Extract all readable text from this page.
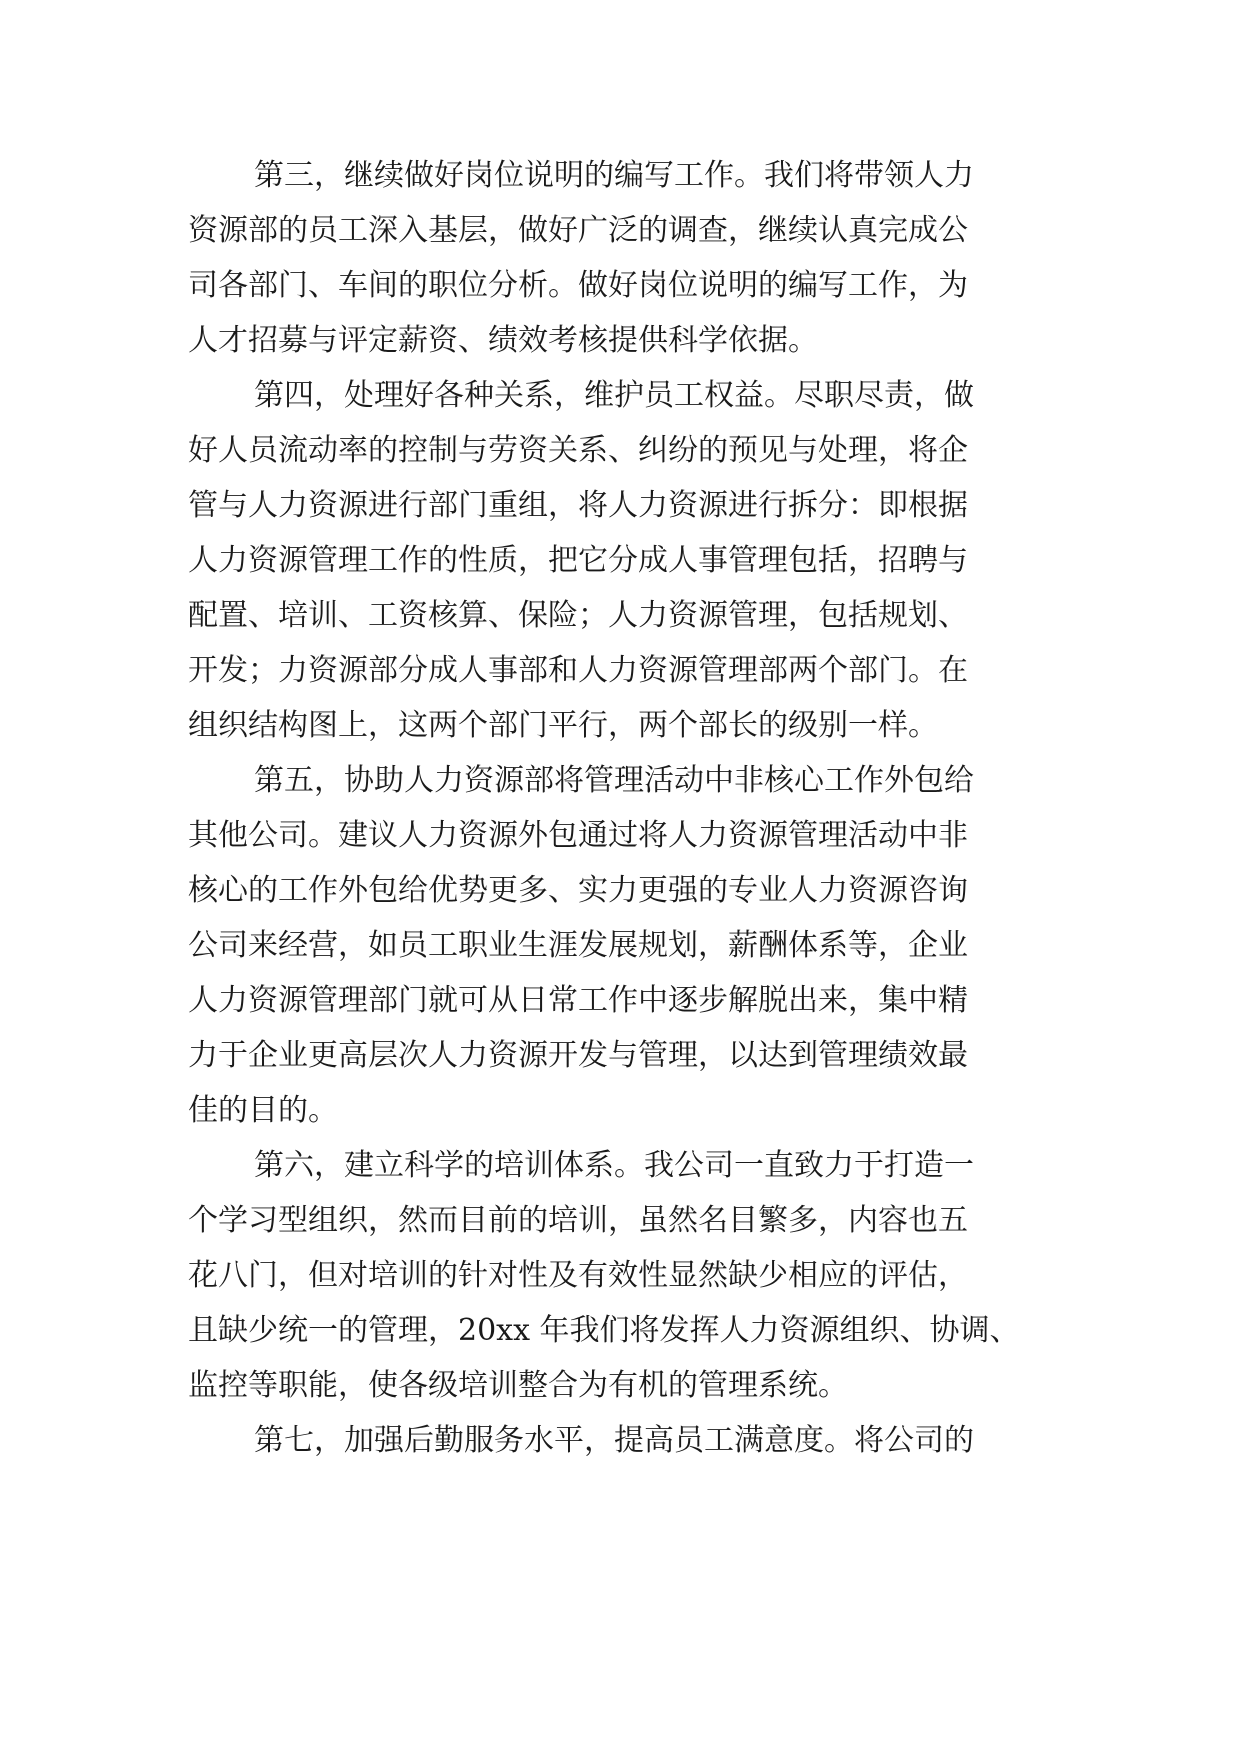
第三，继续做好岗位说明的编写工作。我们将带领人力
资源部的员工深入基层，做好广泛的调查，继续认真完成公
司各部门、车间的职位分析。做好岗位说明的编写工作，为
人才招募与评定薪资、绩效考核提供科学依据。
第四，处理好各种关系，维护员工权益。尽职尽责，做
好人员流动率的控制与劳资关系、纠纷的预见与处理，将企
管与人力资源进行部门重组，将人力资源进行拆分：即根据
人力资源管理工作的性质，把它分成人事管理包括，招聘与
配置、培训、工资核算、保险；人力资源管理，包括规划、
开发；力资源部分成人事部和人力资源管理部两个部门。在
组织结构图上，这两个部门平行，两个部长的级别一样。
第五，协助人力资源部将管理活动中非核心工作外包给
其他公司。建议人力资源外包通过将人力资源管理活动中非
核心的工作外包给优势更多、实力更强的专业人力资源咨询
公司来经营，如员工职业生涯发展规划，薪酬体系等，企业
人力资源管理部门就可从日常工作中逐步解脱出来，集中精
力于企业更高层次人力资源开发与管理，以达到管理绩效最
佳的目的。
第六，建立科学的培训体系。我公司一直致力于打造一
个学习型组织，然而目前的培训，虽然名目繁多，内容也五
花八门，但对培训的针对性及有效性显然缺少相应的评估，
且缺少统一的管理，20xx 年我们将发挥人力资源组织、协调、
监控等职能，使各级培训整合为有机的管理系统。
第七，加强后勤服务水平，提高员工满意度。将公司的
